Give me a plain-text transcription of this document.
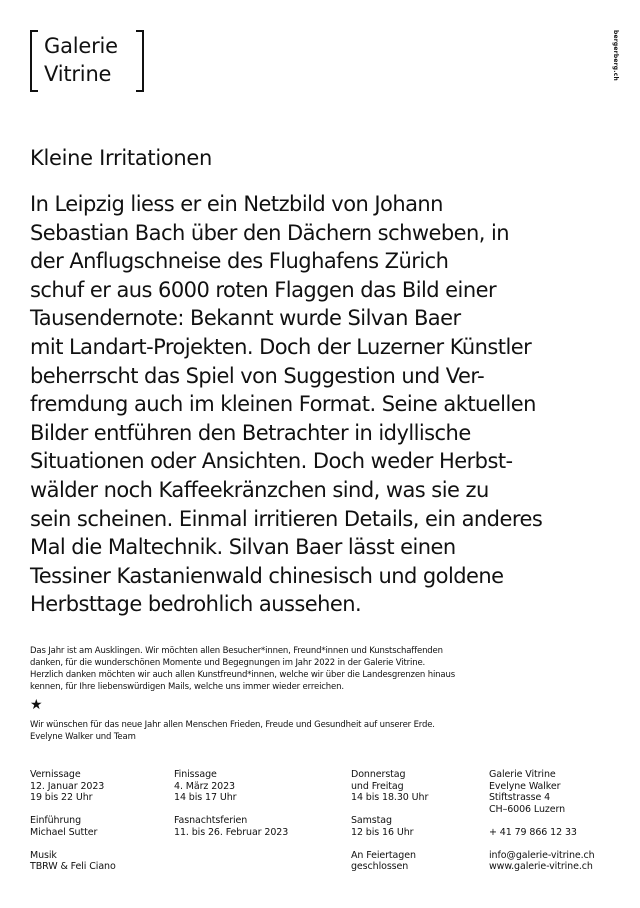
Galerie
Vitrine	bergerberg.ch
Kleine Irritationen
In Leipzig liess er ein Netzbild von Johann
Sebastian Bach über den Dächern schweben, in
der Anflugschneise des Flughafens Zürich
schuf er aus 6000 roten Flaggen das Bild einer
Tausendernote: Bekannt wurde Silvan Baer
mit Landart-Projekten. Doch der Luzerner Künstler
beherrscht das Spiel von Suggestion und Ver-
fremdung auch im kleinen Format. Seine aktuellen
Bilder entführen den Betrachter in idyllische
Situationen oder Ansichten. Doch weder Herbst-
wälder noch Kaffeekränzchen sind, was sie zu
sein scheinen. Einmal irritieren Details, ein anderes
Mal die Maltechnik. Silvan Baer lässt einen
Tessiner Kastanienwald chinesisch und goldene
Herbsttage bedrohlich aussehen.
Das Jahr ist am Ausklingen. Wir möchten allen Besucher*innen, Freund*innen und Kunstschaffenden
danken, für die wunderschönen Momente und Begegnungen im Jahr 2022 in der Galerie Vitrine.
Herzlich danken möchten wir auch allen Kunstfreund*innen, welche wir über die Landesgrenzen hinaus
kennen, für Ihre liebenswürdigen Mails, welche uns immer wieder erreichen.
★
Wir wünschen für das neue Jahr allen Menschen Frieden, Freude und Gesundheit auf unserer Erde.
Evelyne Walker und Team
Vernissage
12. Januar 2023
19 bis 22 Uhr
Einführung
Michael Sutter
Musik
TBRW & Feli Ciano
Finissage
4. März 2023
14 bis 17 Uhr
Fasnachtsferien
11. bis 26. Februar 2023
Donnerstag
und Freitag
14 bis 18.30 Uhr
Samstag
12 bis 16 Uhr
An Feiertagen
geschlossen
Galerie Vitrine
Evelyne Walker
Stiftstrasse 4
CH–6006 Luzern
+ 41 79 866 12 33
info@galerie-vitrine.ch
www.galerie-vitrine.ch
